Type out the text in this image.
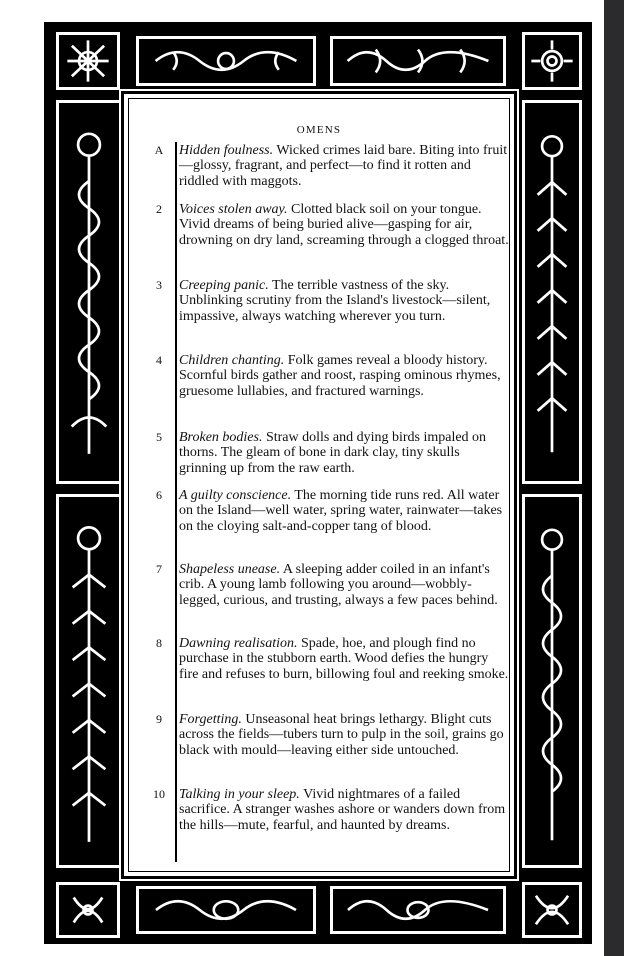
OMENS
A	Hidden foulness. Wicked crimes laid bare. Biting into fruit—glossy, fragrant, and perfect—to find it rotten and riddled with maggots.
2	Voices stolen away. Clotted black soil on your tongue. Vivid dreams of being buried alive—gasping for air, drowning on dry land, screaming through a clogged throat.
3	Creeping panic. The terrible vastness of the sky. Unblinking scrutiny from the Island's livestock—silent, impassive, always watching wherever you turn.
4	Children chanting. Folk games reveal a bloody history. Scornful birds gather and roost, rasping ominous rhymes, gruesome lullabies, and fractured warnings.
5	Broken bodies. Straw dolls and dying birds impaled on thorns. The gleam of bone in dark clay, tiny skulls grinning up from the raw earth.
6	A guilty conscience. The morning tide runs red. All water on the Island—well water, spring water, rainwater—takes on the cloying salt-and-copper tang of blood.
7	Shapeless unease. A sleeping adder coiled in an infant's crib. A young lamb following you around—wobbly-legged, curious, and trusting, always a few paces behind.
8	Dawning realisation. Spade, hoe, and plough find no purchase in the stubborn earth. Wood defies the hungry fire and refuses to burn, billowing foul and reeking smoke.
9	Forgetting. Unseasonal heat brings lethargy. Blight cuts across the fields—tubers turn to pulp in the soil, grains go black with mould—leaving either side untouched.
10 Talking in your sleep. Vivid nightmares of a failed sacrifice. A stranger washes ashore or wanders down from the hills—mute, fearful, and haunted by dreams.
